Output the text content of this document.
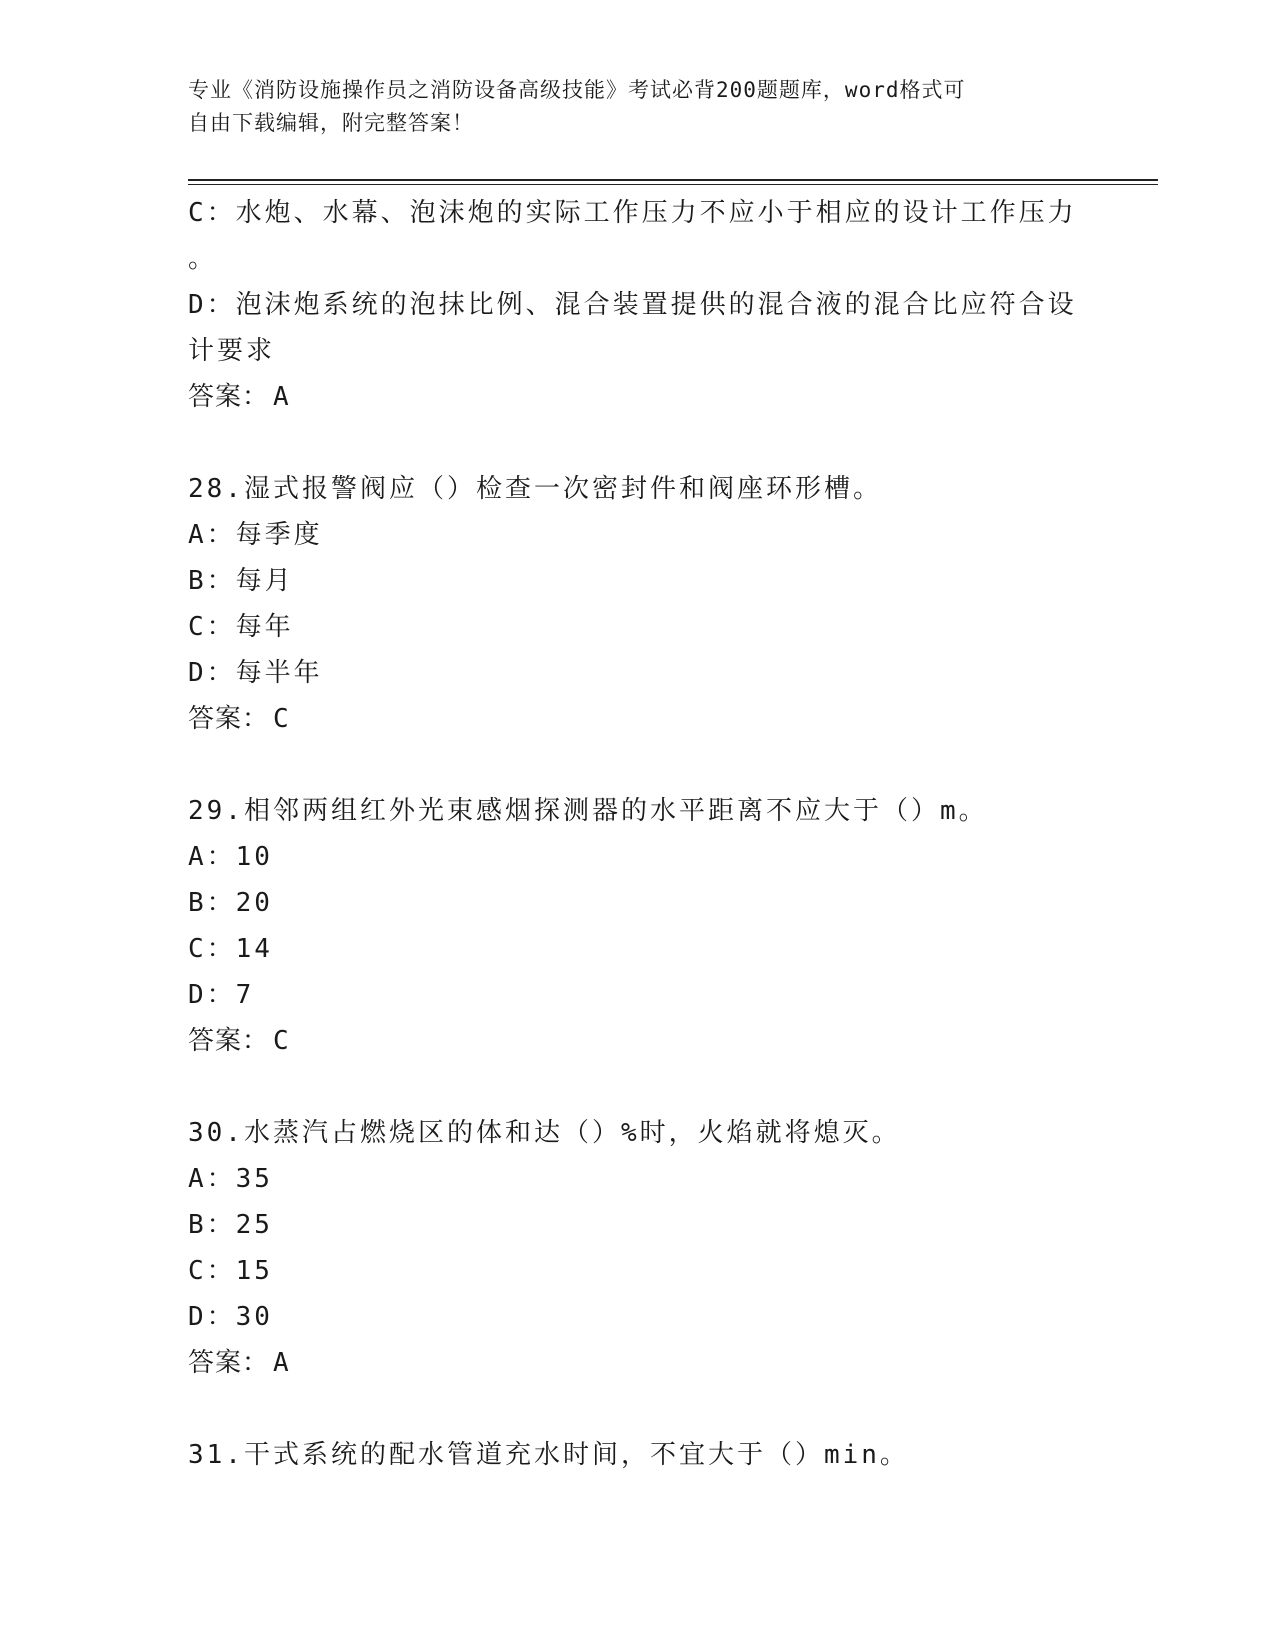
专业《消防设施操作员之消防设备高级技能》考试必背200题题库，word格式可
自由下载编辑，附完整答案！
C：水炮、水幕、泡沫炮的实际工作压力不应小于相应的设计工作压力
。
D：泡沫炮系统的泡抹比例、混合装置提供的混合液的混合比应符合设
计要求
答案： A
28.湿式报警阀应（）检查一次密封件和阀座环形槽。
A：每季度
B：每月
C：每年
D：每半年
答案： C
29.相邻两组红外光束感烟探测器的水平距离不应大于（）m。
A：10
B：20
C：14
D：7
答案： C
30.水蒸汽占燃烧区的体和达（）%时，火焰就将熄灭。
A：35
B：25
C：15
D：30
答案： A
31.干式系统的配水管道充水时间，不宜大于（）min。
